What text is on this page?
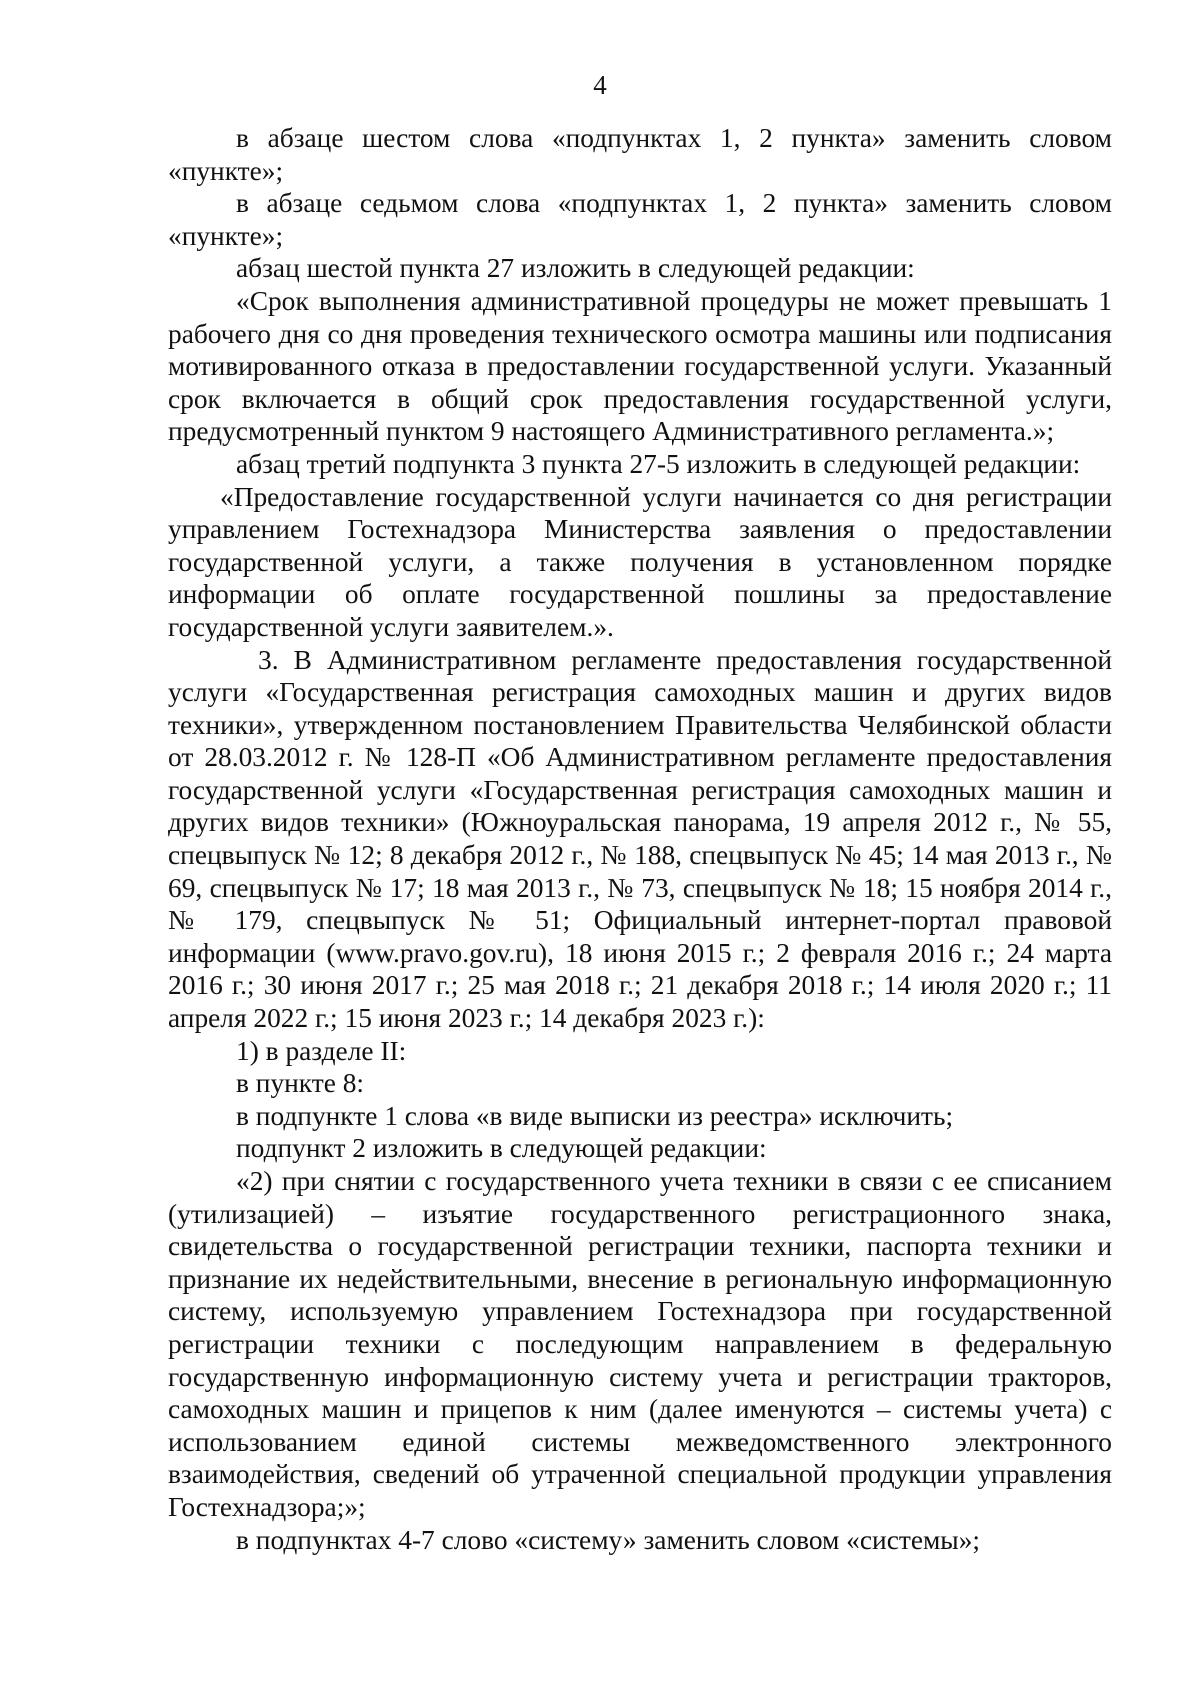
4

в абзаце шестом слова «подпунктах 1, 2 пункта» заменить словом «пункте»;

в абзаце седьмом слова «подпунктах 1, 2 пункта» заменить словом «пункте»;

абзац шестой пункта 27 изложить в следующей редакции:

«Срок выполнения административной процедуры не может превышать 1 рабочего дня со дня проведения технического осмотра машины или подписания мотивированного отказа в предоставлении государственной услуги. Указанный срок включается в общий срок предоставления государственной услуги, предусмотренный пунктом 9 настоящего Административного регламента.»;

абзац третий подпункта 3 пункта 27-5 изложить в следующей редакции:

«Предоставление государственной услуги начинается со дня регистрации управлением Гостехнадзора Министерства заявления о предоставлении государственной услуги, а также получения в установленном порядке информации об оплате государственной пошлины за предоставление государственной услуги заявителем.».

3. В Административном регламенте предоставления государственной услуги «Государственная регистрация самоходных машин и других видов техники», утвержденном постановлением Правительства Челябинской области от 28.03.2012 г. № 128-П «Об Административном регламенте предоставления государственной услуги «Государственная регистрация самоходных машин и других видов техники» (Южноуральская панорама, 19 апреля 2012 г., № 55, спецвыпуск № 12; 8 декабря 2012 г., № 188, спецвыпуск № 45; 14 мая 2013 г., № 69, спецвыпуск № 17; 18 мая 2013 г., № 73, спецвыпуск № 18; 15 ноября 2014 г., № 179, спецвыпуск № 51; Официальный интернет-портал правовой информации (www.pravo.gov.ru), 18 июня 2015 г.; 2 февраля 2016 г.; 24 марта 2016 г.; 30 июня 2017 г.; 25 мая 2018 г.; 21 декабря 2018 г.; 14 июля 2020 г.; 11 апреля 2022 г.; 15 июня 2023 г.; 14 декабря 2023 г.):

1) в разделе II:

в пункте 8:

в подпункте 1 слова «в виде выписки из реестра» исключить;

подпункт 2 изложить в следующей редакции:

«2) при снятии с государственного учета техники в связи с ее списанием (утилизацией) – изъятие государственного регистрационного знака, свидетельства о государственной регистрации техники, паспорта техники и признание их недействительными, внесение в региональную информационную систему, используемую управлением Гостехнадзора при государственной регистрации техники с последующим направлением в федеральную государственную информационную систему учета и регистрации тракторов, самоходных машин и прицепов к ним (далее именуются – системы учета) с использованием единой системы межведомственного электронного взаимодействия, сведений об утраченной специальной продукции управления Гостехнадзора;»;

в подпунктах 4-7 слово «систему» заменить словом «системы»;
